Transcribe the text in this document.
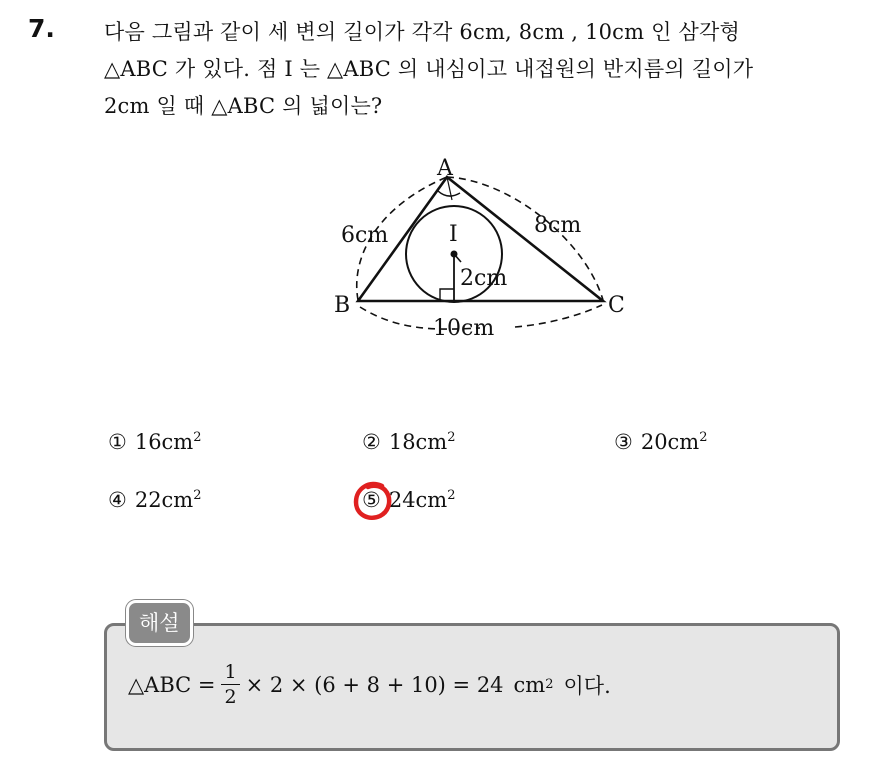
7. 다음 그림과 같이 세 변의 길이가 각각 6cm, 8cm , 10cm 인 삼각형
△ABC 가 있다. 점 I 는 △ABC 의 내심이고 내접원의 반지름의 길이가
2cm 일 때 △ABC 의 넓이는?
A
B	C
I
6cm	8cm
10cm
2cm
① $16cm^2$	② $18cm^2$	③ $20cm^2$
④ $22cm^2$	⑤ $24cm^2$
해설
△ABC = $\frac{1}{2} \times 2 \times (6 + 8 + 10) = 24$ cm 2 이다.
